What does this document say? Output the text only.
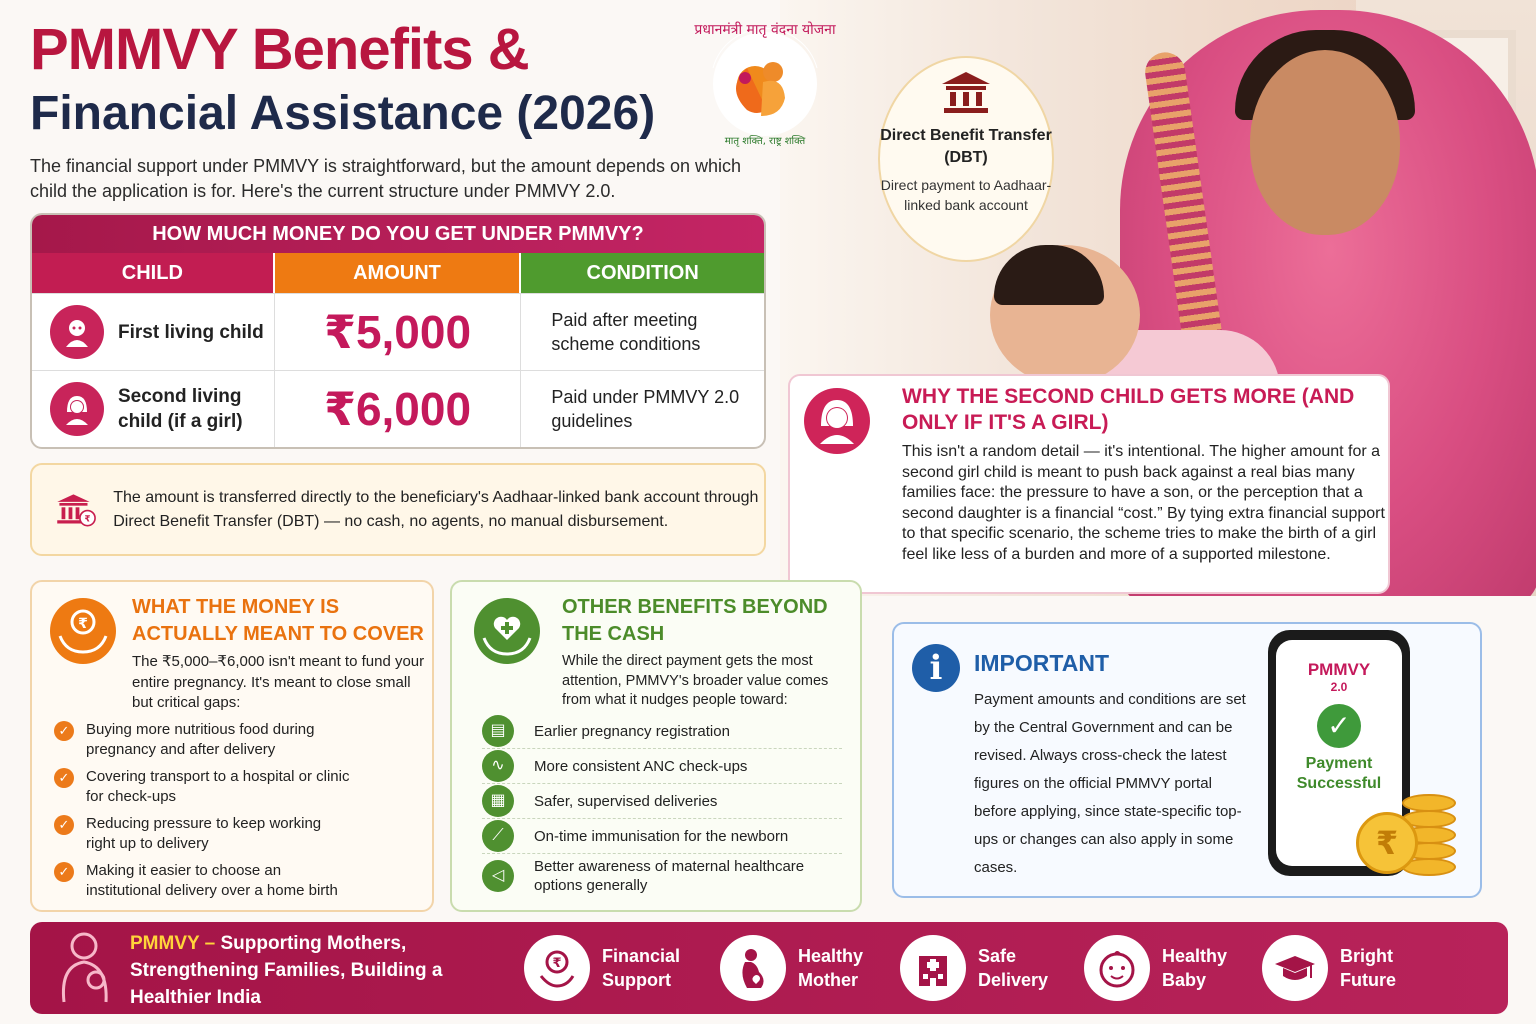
PMMVY Benefits &
Financial Assistance (2026)
The financial support under PMMVY is straightforward, but the amount depends on which child the application is for. Here's the current structure under PMMVY 2.0.
प्रधानमंत्री मातृ वंदना योजना
मातृ शक्ति, राष्ट्र शक्ति	Direct Benefit Transfer (DBT)
Direct payment to Aadhaar-linked bank account
HOW MUCH MONEY DO YOU GET UNDER PMMVY?
CHILD	AMOUNT	CONDITION
First living child	₹5,000	Paid after meeting scheme conditions
Second living child (if a girl)	₹6,000	Paid under PMMVY 2.0 guidelines
₹
The amount is transferred directly to the beneficiary's Aadhaar-linked bank account through Direct Benefit Transfer (DBT) — no cash, no agents, no manual disbursement.
WHY THE SECOND CHILD GETS MORE (AND ONLY IF IT'S A GIRL)
This isn't a random detail — it's intentional. The higher amount for a second girl child is meant to push back against a real bias many families face: the pressure to have a son, or the perception that a second daughter is a financial “cost.” By tying extra financial support to that specific scenario, the scheme tries to make the birth of a girl feel like less of a burden and more of a supported milestone.
₹
WHAT THE MONEY IS ACTUALLY MEANT TO COVER
The ₹5,000–₹6,000 isn't meant to fund your entire pregnancy. It's meant to close small but critical gaps:
✓	Buying more nutritious food during pregnancy and after delivery
✓	Covering transport to a hospital or clinic for check-ups
✓	Reducing pressure to keep working right up to delivery
✓	Making it easier to choose an institutional delivery over a home birth
OTHER BENEFITS BEYOND THE CASH
While the direct payment gets the most attention, PMMVY's broader value comes from what it nudges people toward:
▤	Earlier pregnancy registration
∿	More consistent ANC check-ups
▦	Safer, supervised deliveries
⟋	On-time immunisation for the newborn
◁
Better awareness of maternal healthcare options generally
i	IMPORTANT
Payment amounts and conditions are set by the Central Government and can be revised. Always cross-check the latest figures on the official PMMVY portal before applying, since state-specific top-ups or changes can also apply in some cases.
PMMVY
2.0
✓
Payment Successful
₹
PMMVY – Supporting Mothers, Strengthening Families, Building a Healthier India
₹ Financial Support
Healthy Mother
Safe Delivery
Healthy Baby
Bright Future
